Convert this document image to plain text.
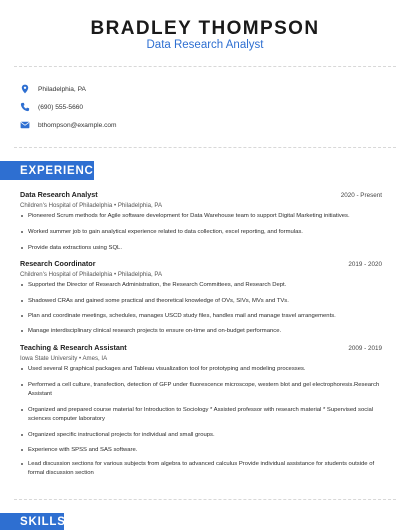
BRADLEY THOMPSON
Data Research Analyst
Philadelphia, PA
(690) 555-5660
bthompson@example.com
EXPERIENCE
Data Research Analyst	2020 - Present
Children's Hospital of Philadelphia • Philadelphia, PA
Pioneered Scrum methods for Agile software development for Data Warehouse team to support Digital Marketing initiatives.
Worked summer job to gain analytical experience related to data collection, excel reporting, and formulas.
Provide data extractions using SQL.
Research Coordinator	2019 - 2020
Children's Hospital of Philadelphia • Philadelphia, PA
Supported the Director of Research Administration, the Research Committees, and Research Dept.
Shadowed CRAs and gained some practical and theoretical knowledge of OVs, SIVs, MVs and TVs.
Plan and coordinate meetings, schedules, manages USCD study files, handles mail and manage travel arrangements.
Manage interdisciplinary clinical research projects to ensure on-time and on-budget performance.
Teaching & Research Assistant	2009 - 2019
Iowa State University • Ames, IA
Used several R graphical packages and Tableau visualization tool for prototyping and modeling processes.
Performed a cell culture, transfection, detection of GFP under fluorescence microscope, western blot and gel electrophoresis.Research Assistant
Organized and prepared course material for Introduction to Sociology * Assisted professor with research material * Supervised social sciences computer laboratory
Organized specific instructional projects for individual and small groups.
Experience with SPSS and SAS software.
Lead discussion sections for various subjects from algebra to advanced calculus Provide individual assistance for students outside of formal discussion section
SKILLS
